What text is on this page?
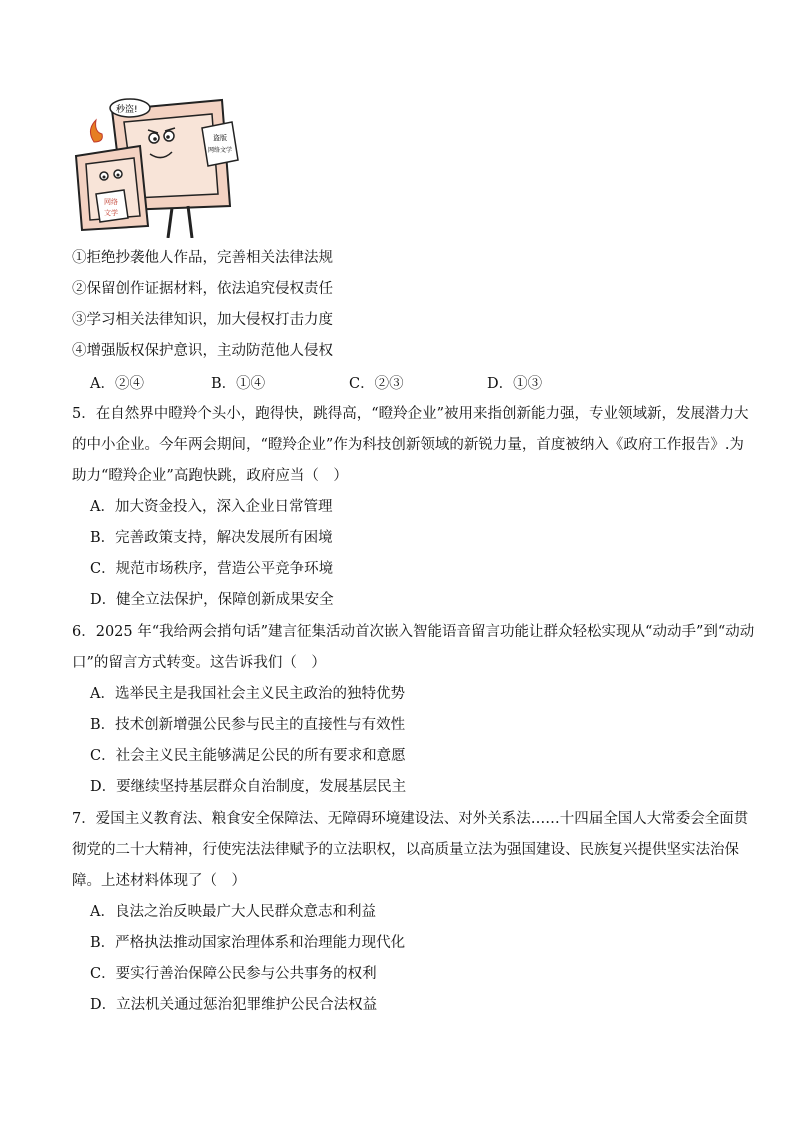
盗版
网络文学
网络
文学
秒盗!
①拒绝抄袭他人作品，完善相关法律法规
②保留创作证据材料，依法追究侵权责任
③学习相关法律知识，加大侵权打击力度
④增强版权保护意识，主动防范他人侵权
A．②④	B．①④	C．②③	D．①③
5．在自然界中瞪羚个头小，跑得快，跳得高，“瞪羚企业”被用来指创新能力强，专业领域新，发展潜力大
的中小企业。今年两会期间，“瞪羚企业”作为科技创新领域的新锐力量，首度被纳入《政府工作报告》.为
助力“瞪羚企业”高跑快跳，政府应当（　）
A．加大资金投入，深入企业日常管理
B．完善政策支持，解决发展所有困境
C．规范市场秩序，营造公平竞争环境
D．健全立法保护，保障创新成果安全
6．2025 年“我给两会捎句话”建言征集活动首次嵌入智能语音留言功能让群众轻松实现从“动动手”到“动动
口”的留言方式转变。这告诉我们（　）
A．选举民主是我国社会主义民主政治的独特优势
B．技术创新增强公民参与民主的直接性与有效性
C．社会主义民主能够满足公民的所有要求和意愿
D．要继续坚持基层群众自治制度，发展基层民主
7．爱国主义教育法、粮食安全保障法、无障碍环境建设法、对外关系法……十四届全国人大常委会全面贯
彻党的二十大精神，行使宪法法律赋予的立法职权，以高质量立法为强国建设、民族复兴提供坚实法治保
障。上述材料体现了（　）
A．良法之治反映最广大人民群众意志和利益
B．严格执法推动国家治理体系和治理能力现代化
C．要实行善治保障公民参与公共事务的权利
D．立法机关通过惩治犯罪维护公民合法权益
